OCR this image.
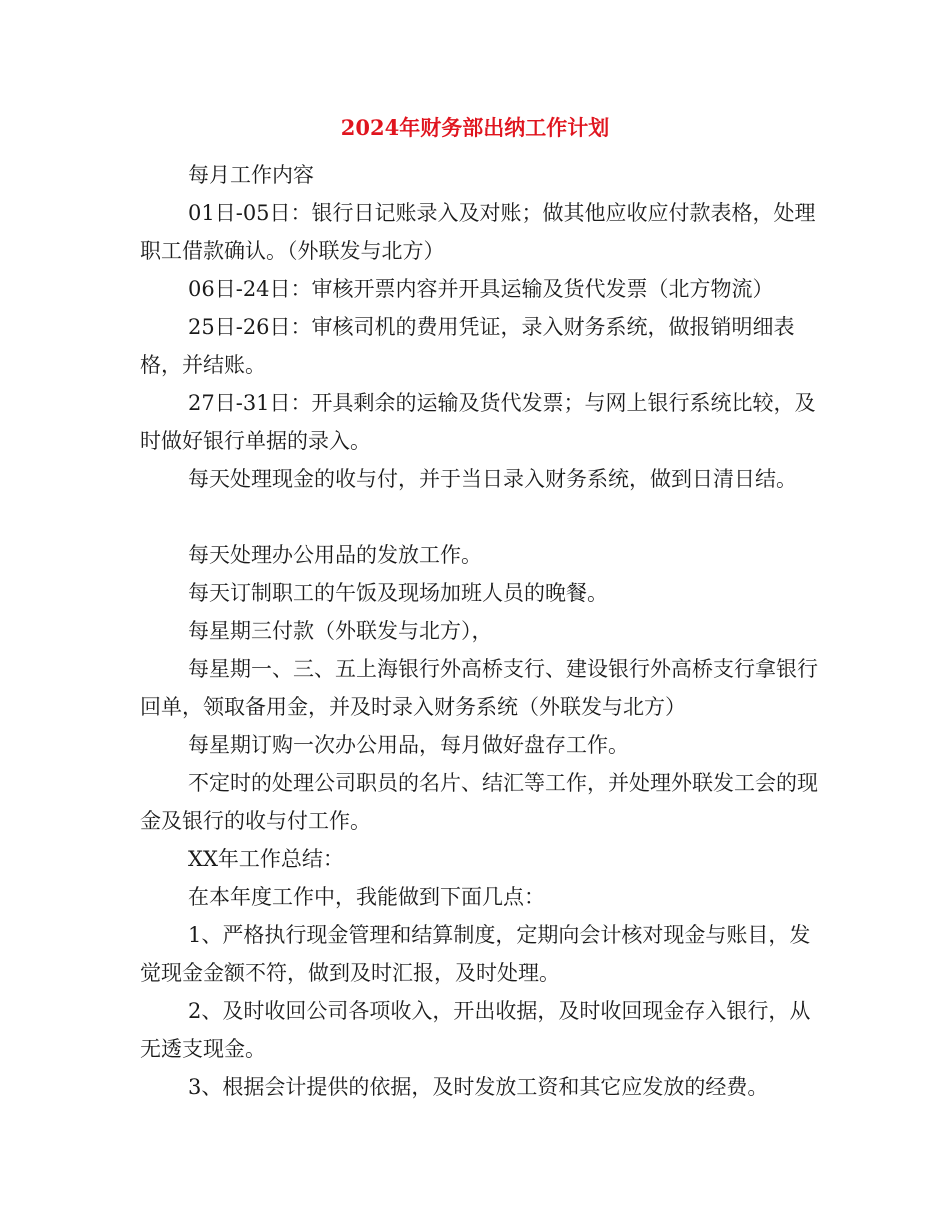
2024年财务部出纳工作计划

每月工作内容

01日-05日：银行日记账录入及对账；做其他应收应付款表格，处理职工借款确认。（外联发与北方）

06日-24日：审核开票内容并开具运输及货代发票（北方物流）

25日-26日：审核司机的费用凭证，录入财务系统，做报销明细表格，并结账。

27日-31日：开具剩余的运输及货代发票；与网上银行系统比较，及时做好银行单据的录入。

每天处理现金的收与付，并于当日录入财务系统，做到日清日结。

每天处理办公用品的发放工作。

每天订制职工的午饭及现场加班人员的晚餐。

每星期三付款（外联发与北方），

每星期一、三、五上海银行外高桥支行、建设银行外高桥支行拿银行回单，领取备用金，并及时录入财务系统（外联发与北方）

每星期订购一次办公用品，每月做好盘存工作。

不定时的处理公司职员的名片、结汇等工作，并处理外联发工会的现金及银行的收与付工作。

XX年工作总结：

在本年度工作中，我能做到下面几点：

1、严格执行现金管理和结算制度，定期向会计核对现金与账目，发觉现金金额不符，做到及时汇报，及时处理。

2、及时收回公司各项收入，开出收据，及时收回现金存入银行，从无透支现金。

3、根据会计提供的依据，及时发放工资和其它应发放的经费。
